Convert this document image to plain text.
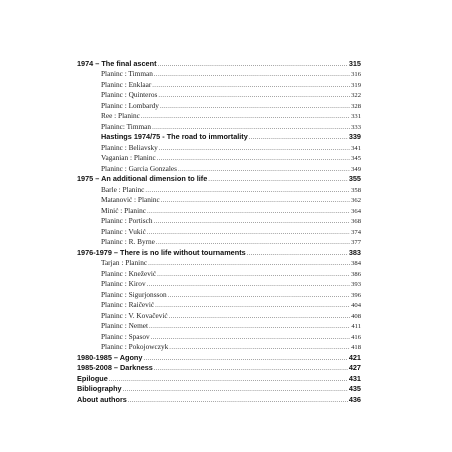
1974 – The final ascent .....	315
Planinc : Timman .....	316
Planinc : Enklaar .....	319
Planinc : Quinteros .....	322
Planinc : Lombardy .....	328
Ree : Planinc .....	331
Planinc: Timman .....	333
Hastings 1974/75 - The road to immortality .....	339
Planinc : Beliavsky .....	341
Vaganian : Planinc .....	345
Planinc : Garcia Gonzales .....	349
1975 – An additional dimension to life .....	355
Barle : Planinc .....	358
Matanović : Planinc .....	362
Minić : Planinc .....	364
Planinc : Portisch .....	368
Planinc : Vukić .....	374
Planinc : R. Byrne .....	377
1976-1979 – There is no life without tournaments .....	383
Tarjan : Planinc .....	384
Planinc : Knežević .....	386
Planinc : Kirov .....	393
Planinc : Sigurjonsson .....	396
Planinc : Raičević .....	404
Planinc : V. Kovačević .....	408
Planinc : Nemet .....	411
Planinc : Spasov .....	416
Planinc : Pokojowczyk .....	418
1980-1985 – Agony .....	421
1985-2008 – Darkness .....	427
Epilogue .....	431
Bibliography .....	435
About authors .....	436
